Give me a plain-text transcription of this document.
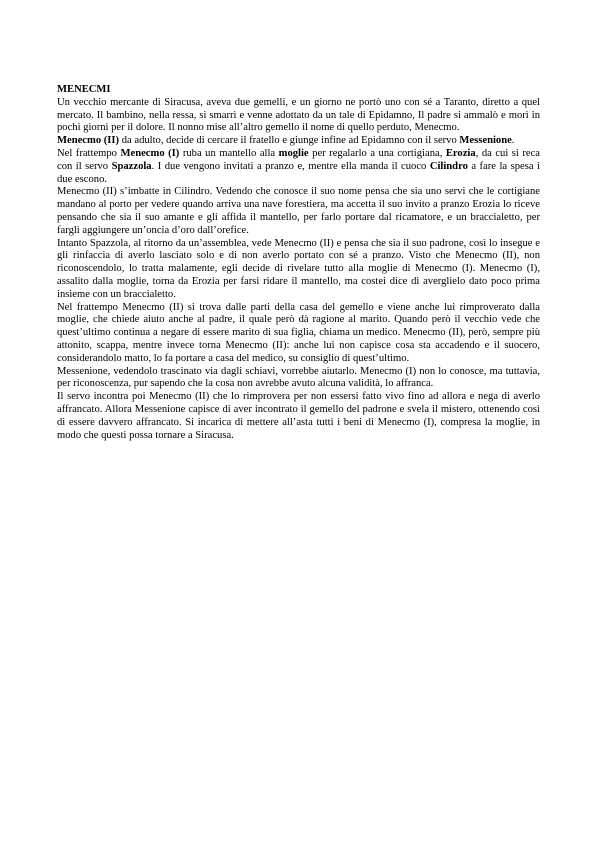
MENECMI

Un vecchio mercante di Siracusa, aveva due gemelli, e un giorno ne portò uno con sé a Taranto, diretto a quel mercato. Il bambino, nella ressa, si smarrì e venne adottato da un tale di Epidamno, Il padre si ammalò e morì in pochi giorni per il dolore. Il nonno mise all’altro gemello il nome di quello perduto, Menecmo.

Menecmo (II) da adulto, decide di cercare il fratello e giunge infine ad Epidamno con il servo Messenione.

Nel frattempo Menecmo (I) ruba un mantello alla moglie per regalarlo a una cortigiana, Erozia, da cui si reca con il servo Spazzola. I due vengono invitati a pranzo e, mentre ella manda il cuoco Cilindro a fare la spesa i due escono.

Menecmo (II) s’imbatte in Cilindro. Vedendo che conosce il suo nome pensa che sia uno servi che le cortigiane mandano al porto per vedere quando arriva una nave forestiera, ma accetta il suo invito a pranzo Erozia lo riceve pensando che sia il suo amante e gli affida il mantello, per farlo portare dal ricamatore, e un braccialetto, per fargli aggiungere un’oncia d’oro dall’orefice.

Intanto Spazzola, al ritorno da un’assemblea, vede Menecmo (II) e pensa che sia il suo padrone, così lo insegue e gli rinfaccia di averlo lasciato solo e di non averlo portato con sé a pranzo. Visto che Menecmo (II), non riconoscendolo, lo tratta malamente, egli decide di rivelare tutto alla moglie di Menecmo (I). Menecmo (I), assalito dalla moglie, torna da Erozia per farsi ridare il mantello, ma costei dice di averglielo dato poco prima insieme con un braccialetto.

Nel frattempo Menecmo (II) si trova dalle parti della casa del gemello e viene anche lui rimproverato dalla moglie, che chiede aiuto anche al padre, il quale però dà ragione al marito. Quando però il vecchio vede che quest’ultimo continua a negare di essere marito di sua figlia, chiama un medico. Menecmo (II), però, sempre più attonito, scappa, mentre invece torna Menecmo (II): anche lui non capisce cosa sta accadendo e il suocero, considerandolo matto, lo fa portare a casa del medico, su consiglio di quest’ultimo.

Messenione, vedendolo trascinato via dagli schiavi, vorrebbe aiutarlo. Menecmo (I) non lo conosce, ma tuttavia, per riconoscenza, pur sapendo che la cosa non avrebbe avuto alcuna validità, lo affranca.

Il servo incontra poi Menecmo (II) che lo rimprovera per non essersi fatto vivo fino ad allora e nega di averlo affrancato. Allora Messenione capisce di aver incontrato il gemello del padrone e svela il mistero, ottenendo così di essere davvero affrancato. Si incarica di mettere all’asta tutti i beni di Menecmo (I), compresa la moglie, in modo che questi possa tornare a Siracusa.
